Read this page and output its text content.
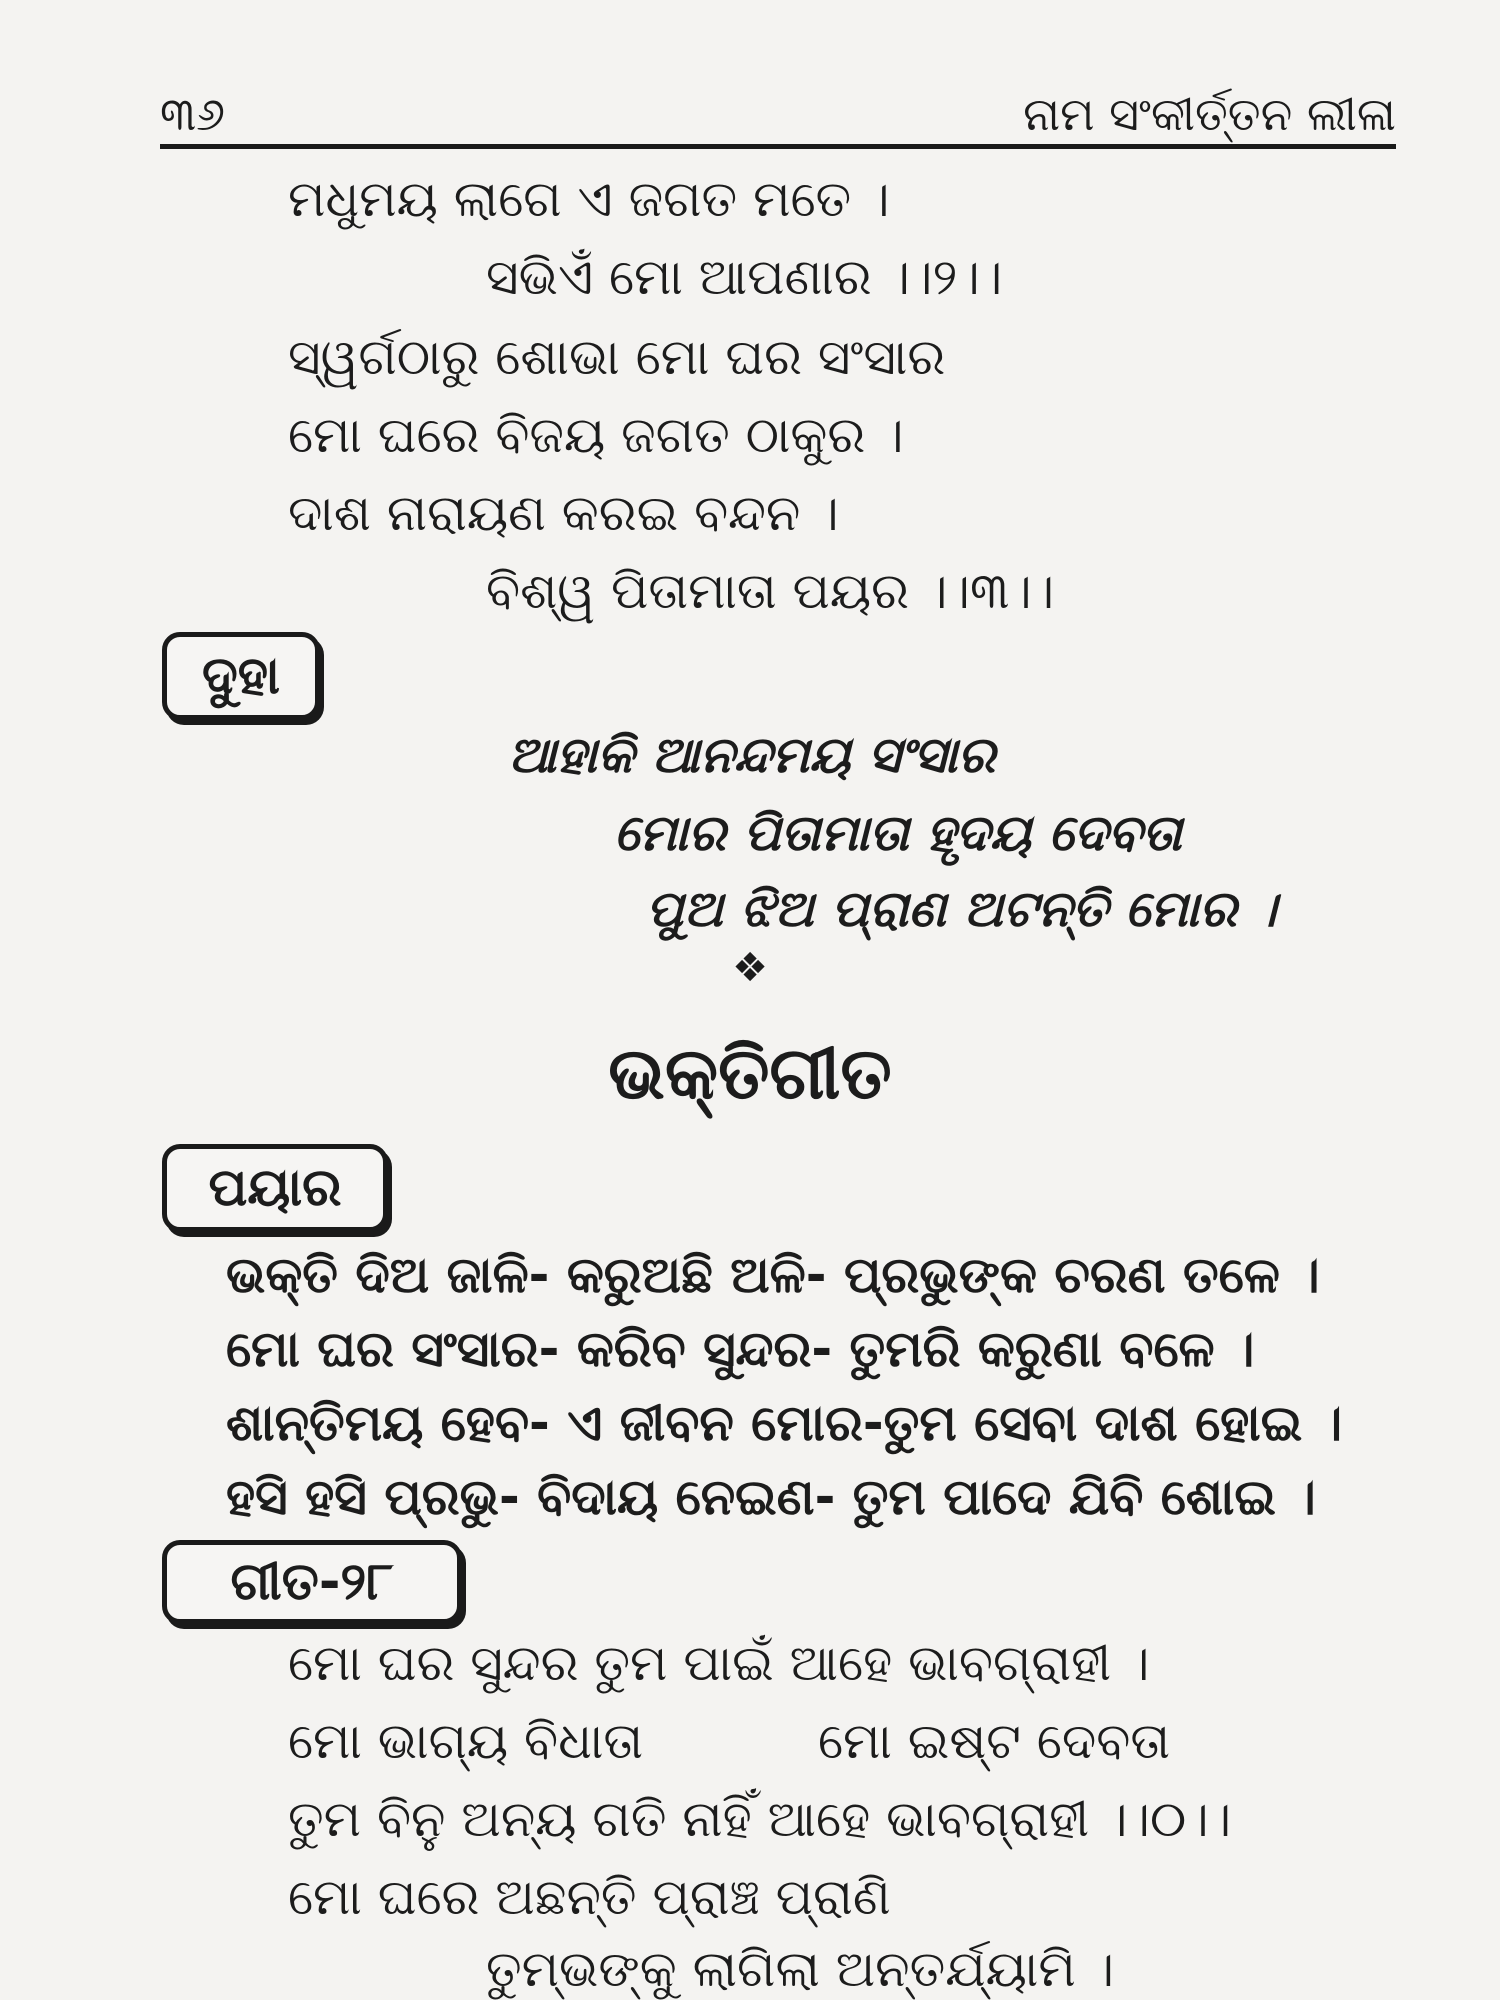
୩୬	ନାମ ସଂକୀର୍ତ୍ତନ ଲୀଳା
ମଧୁମୟ ଲାଗେ ଏ ଜଗତ ମତେ ।
ସଭିଏଁ ମୋ ଆପଣାର ।।୨।।
ସ୍ୱର୍ଗଠାରୁ ଶୋଭା ମୋ ଘର ସଂସାର
ମୋ ଘରେ ବିଜୟ ଜଗତ ଠାକୁର ।
ଦାଶ ନାରାୟଣ କରଇ ବନ୍ଦନ ।
ବିଶ୍ୱ ପିତାମାତା ପୟର ।।୩।।
ଦୁହା
ଆହାକି ଆନନ୍ଦମୟ ସଂସାର
ମୋର ପିତାମାତା ହୃଦୟ ଦେବତା
ପୁଅ ଝିଅ ପ୍ରାଣ ଅଟନ୍ତି ମୋର ।
❖
ଭକ୍ତିଗୀତ
ପୟାର
ଭକ୍ତି ଦିଅ ଜାଳି- କରୁଅଛି ଅଳି- ପ୍ରଭୁଙ୍କ ଚରଣ ତଳେ ।
ମୋ ଘର ସଂସାର- କରିବ ସୁନ୍ଦର- ତୁମରି କରୁଣା ବଳେ ।
ଶାନ୍ତିମୟ ହେବ- ଏ ଜୀବନ ମୋର-ତୁମ ସେବା ଦାଶ ହୋଇ ।
ହସି ହସି ପ୍ରଭୁ- ବିଦାୟ ନେଇଣ- ତୁମ ପାଦେ ଯିବି ଶୋଇ ।
ଗୀତ-୨୮
ମୋ ଘର ସୁନ୍ଦର ତୁମ ପାଇଁ ଆହେ ଭାବଗ୍ରାହୀ ।
ମୋ ଭାଗ୍ୟ ବିଧାତା	ମୋ ଇଷ୍ଟ ଦେବତା
ତୁମ ବିନୁ ଅନ୍ୟ ଗତି ନାହିଁ ଆହେ ଭାବଗ୍ରାହୀ ।।୦।।
ମୋ ଘରେ ଅଛନ୍ତି ପ୍ରାଞ୍ଚ ପ୍ରାଣି
ତୁମ୍ଭଙ୍କୁ ଲାଗିଲା ଅନ୍ତର୍ଯ୍ୟାମି ।
